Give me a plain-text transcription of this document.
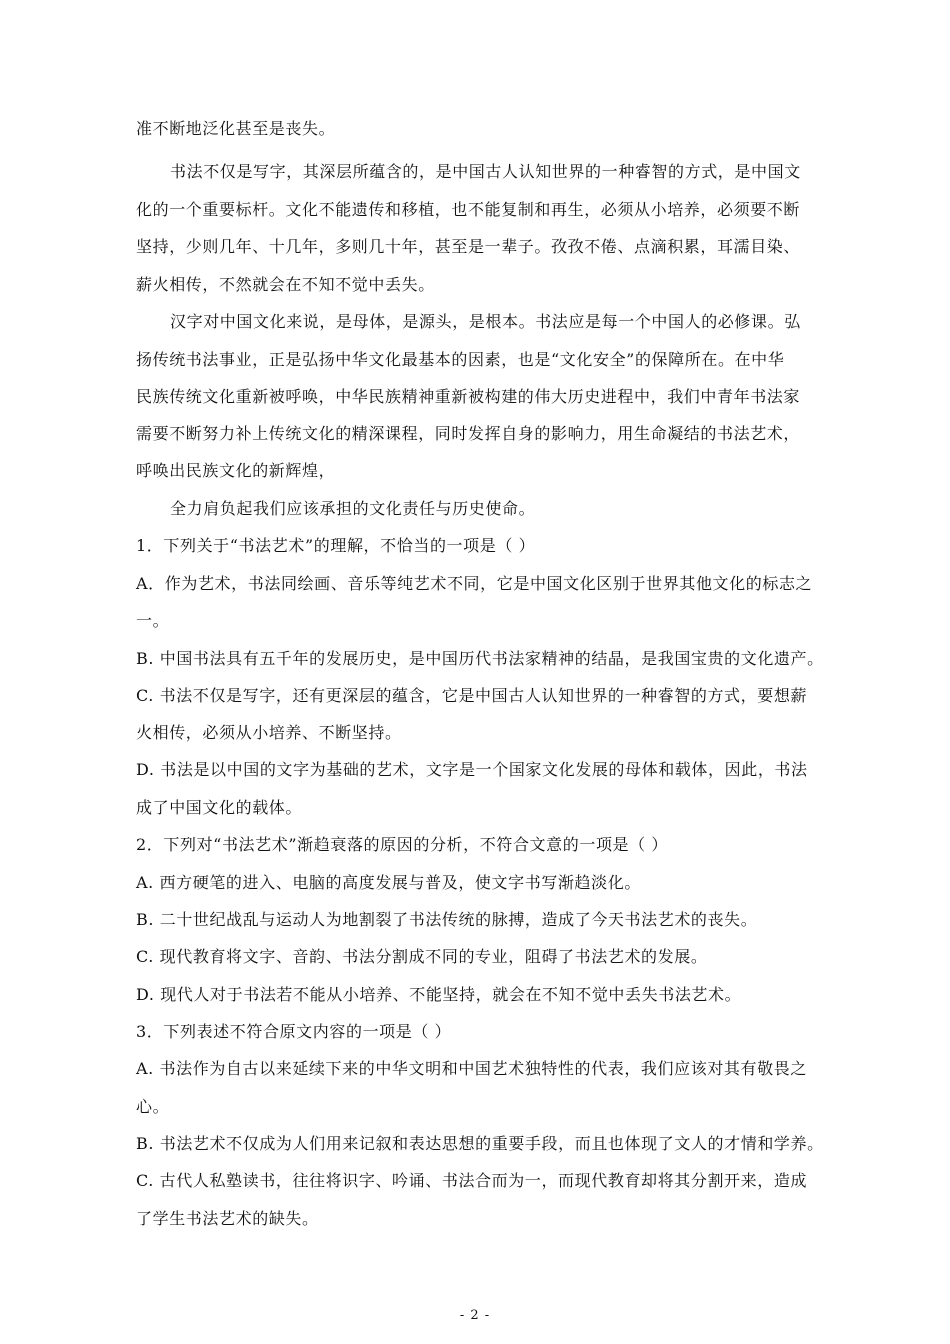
准不断地泛化甚至是丧失。
书法不仅是写字，其深层所蕴含的，是中国古人认知世界的一种睿智的方式，是中国文
化的一个重要标杆。文化不能遗传和移植，也不能复制和再生，必须从小培养，必须要不断
坚持，少则几年、十几年，多则几十年，甚至是一辈子。孜孜不倦、点滴积累，耳濡目染、
薪火相传，不然就会在不知不觉中丢失。
汉字对中国文化来说，是母体，是源头，是根本。书法应是每一个中国人的必修课。弘
扬传统书法事业，正是弘扬中华文化最基本的因素，也是“文化安全”的保障所在。在中华
民族传统文化重新被呼唤，中华民族精神重新被构建的伟大历史进程中，我们中青年书法家
需要不断努力补上传统文化的精深课程，同时发挥自身的影响力，用生命凝结的书法艺术，
呼唤出民族文化的新辉煌，
全力肩负起我们应该承担的文化责任与历史使命。
1．下列关于“书法艺术”的理解，不恰当的一项是（ ）
A．作为艺术，书法同绘画、音乐等纯艺术不同，它是中国文化区别于世界其他文化的标志之
一。
B. 中国书法具有五千年的发展历史，是中国历代书法家精神的结晶，是我国宝贵的文化遗产。
C. 书法不仅是写字，还有更深层的蕴含，它是中国古人认知世界的一种睿智的方式，要想薪
火相传，必须从小培养、不断坚持。
D. 书法是以中国的文字为基础的艺术，文字是一个国家文化发展的母体和载体，因此，书法
成了中国文化的载体。
2．下列对“书法艺术”渐趋衰落的原因的分析，不符合文意的一项是（ ）
A. 西方硬笔的进入、电脑的高度发展与普及，使文字书写渐趋淡化。
B. 二十世纪战乱与运动人为地割裂了书法传统的脉搏，造成了今天书法艺术的丧失。
C. 现代教育将文字、音韵、书法分割成不同的专业，阻碍了书法艺术的发展。
D. 现代人对于书法若不能从小培养、不能坚持，就会在不知不觉中丢失书法艺术。
3．下列表述不符合原文内容的一项是（ ）
A. 书法作为自古以来延续下来的中华文明和中国艺术独特性的代表，我们应该对其有敬畏之
心。
B. 书法艺术不仅成为人们用来记叙和表达思想的重要手段，而且也体现了文人的才情和学养。
C. 古代人私塾读书，往往将识字、吟诵、书法合而为一，而现代教育却将其分割开来，造成
了学生书法艺术的缺失。
- 2 -
